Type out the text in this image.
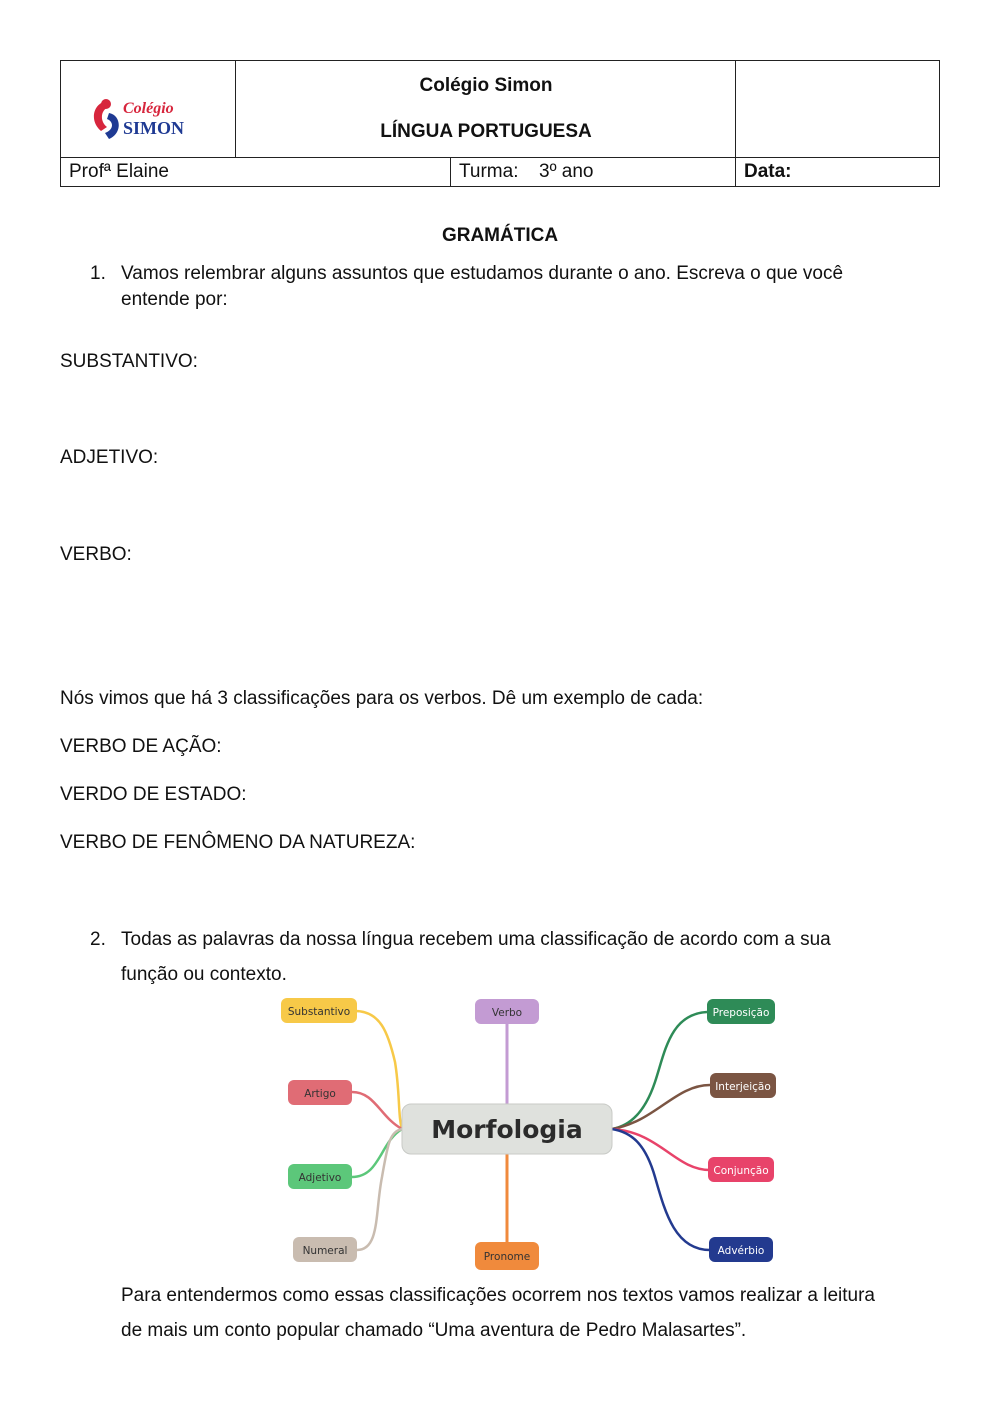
Colégio
SIMON
Colégio Simon
LÍNGUA PORTUGUESA
Profª Elaine	Turma: 3º ano	Data:
GRAMÁTICA
1. Vamos relembrar alguns assuntos que estudamos durante o ano. Escreva o que você
entende por:
SUBSTANTIVO:
ADJETIVO:
VERBO:
Nós vimos que há 3 classificações para os verbos. Dê um exemplo de cada:
VERBO DE AÇÃO:
VERDO DE ESTADO:
VERBO DE FENÔMENO DA NATUREZA:
2. Todas as palavras da nossa língua recebem uma classificação de acordo com a sua
função ou contexto.
Morfologia
Substantivo
Artigo
Adjetivo
Numeral
Verbo
Pronome
Preposição
Interjeição
Conjunção
Advérbio
Para entendermos como essas classificações ocorrem nos textos vamos realizar a leitura
de mais um conto popular chamado “Uma aventura de Pedro Malasartes”.
